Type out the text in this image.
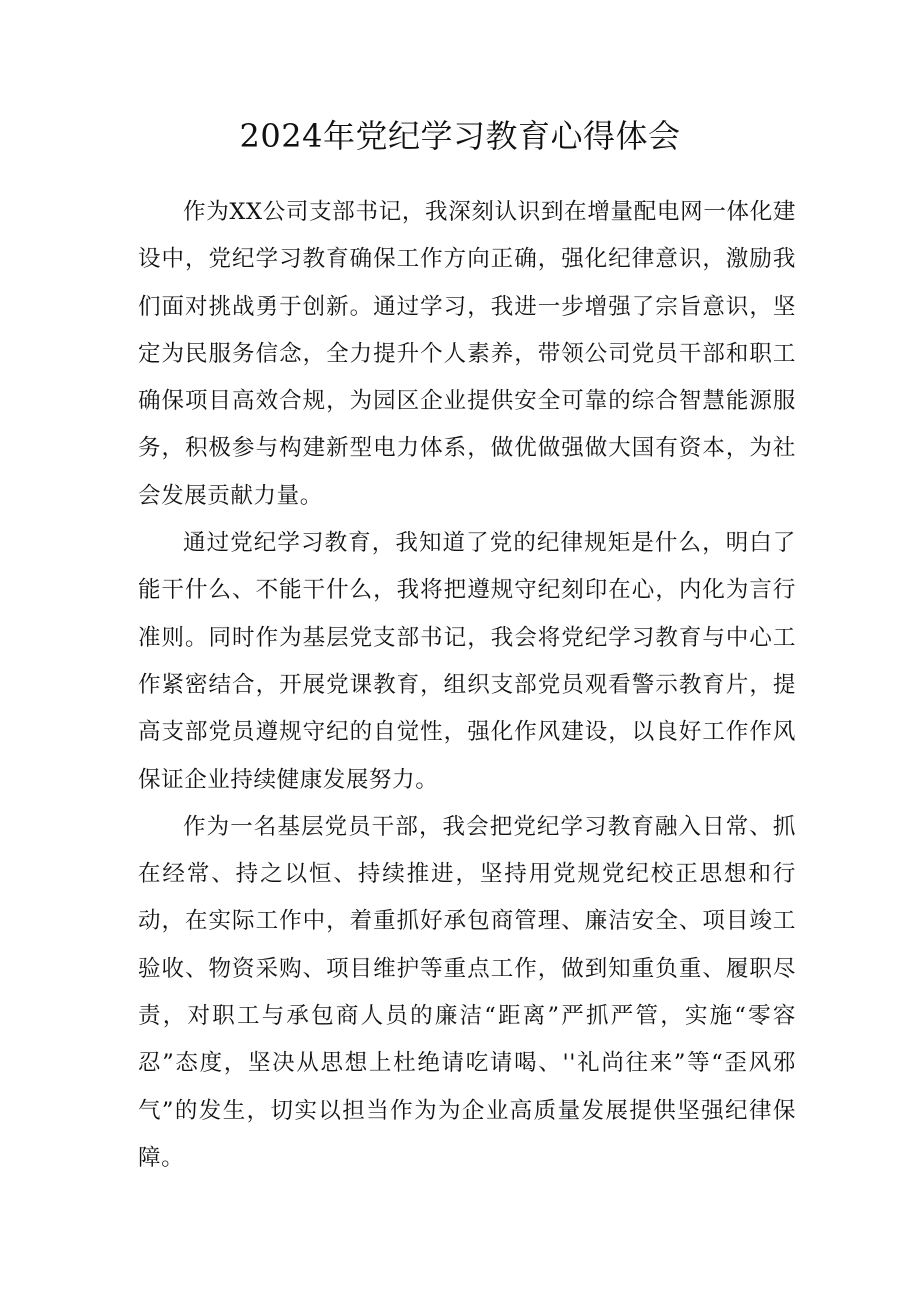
2024年党纪学习教育心得体会

作为XX公司支部书记，我深刻认识到在增量配电网一体化建设中，党纪学习教育确保工作方向正确，强化纪律意识，激励我们面对挑战勇于创新。通过学习，我进一步增强了宗旨意识，坚定为民服务信念，全力提升个人素养，带领公司党员干部和职工确保项目高效合规，为园区企业提供安全可靠的综合智慧能源服务，积极参与构建新型电力体系，做优做强做大国有资本，为社会发展贡献力量。

通过党纪学习教育，我知道了党的纪律规矩是什么，明白了能干什么、不能干什么，我将把遵规守纪刻印在心，内化为言行准则。同时作为基层党支部书记，我会将党纪学习教育与中心工作紧密结合，开展党课教育，组织支部党员观看警示教育片，提高支部党员遵规守纪的自觉性，强化作风建设，以良好工作作风保证企业持续健康发展努力。

作为一名基层党员干部，我会把党纪学习教育融入日常、抓在经常、持之以恒、持续推进，坚持用党规党纪校正思想和行动，在实际工作中，着重抓好承包商管理、廉洁安全、项目竣工验收、物资采购、项目维护等重点工作，做到知重负重、履职尽责，对职工与承包商人员的廉洁“距离”严抓严管，实施“零容忍”态度，坚决从思想上杜绝请吃请喝、''礼尚往来”等“歪风邪气”的发生，切实以担当作为为企业高质量发展提供坚强纪律保障。
